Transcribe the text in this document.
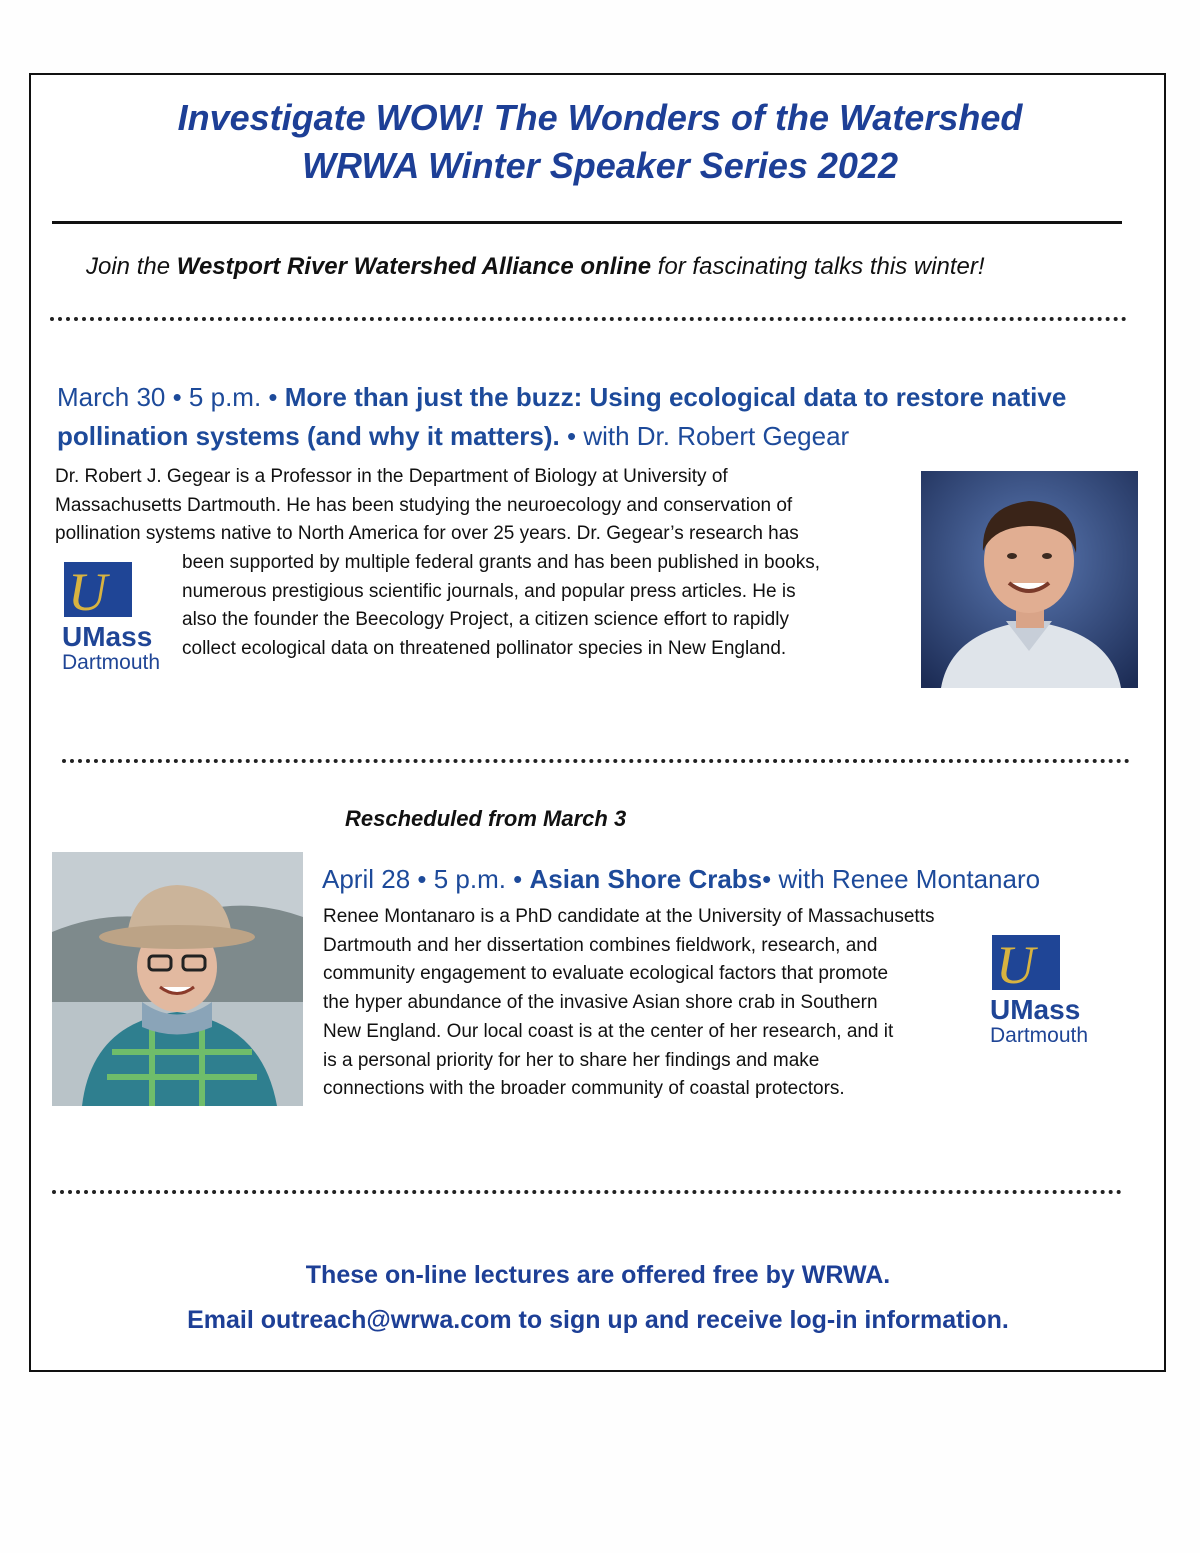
Investigate WOW! The Wonders of the Watershed
WRWA Winter Speaker Series 2022
Join the Westport River Watershed Alliance online for fascinating talks this winter!
March 30 • 5 p.m. • More than just the buzz: Using ecological data to restore native pollination systems (and why it matters). • with Dr. Robert Gegear
Dr. Robert J. Gegear is a Professor in the Department of Biology at University of
Massachusetts Dartmouth. He has been studying the neuroecology and conservation of
pollination systems native to North America for over 25 years. Dr. Gegear’s research has
been supported by multiple federal grants and has been published in books,
numerous prestigious scientific journals, and popular press articles. He is
also the founder the Beecology Project, a citizen science effort to rapidly
collect ecological data on threatened pollinator species in New England.
U
UMass
Dartmouth
Rescheduled from March 3
April 28 • 5 p.m. • Asian Shore Crabs• with Renee Montanaro
Renee Montanaro is a PhD candidate at the University of Massachusetts
Dartmouth and her dissertation combines fieldwork, research, and
community engagement to evaluate ecological factors that promote
the hyper abundance of the invasive Asian shore crab in Southern
New England. Our local coast is at the center of her research, and it
is a personal priority for her to share her findings and make
connections with the broader community of coastal protectors.
U
UMass
Dartmouth
These on-line lectures are offered free by WRWA.
Email outreach@wrwa.com to sign up and receive log-in information.
